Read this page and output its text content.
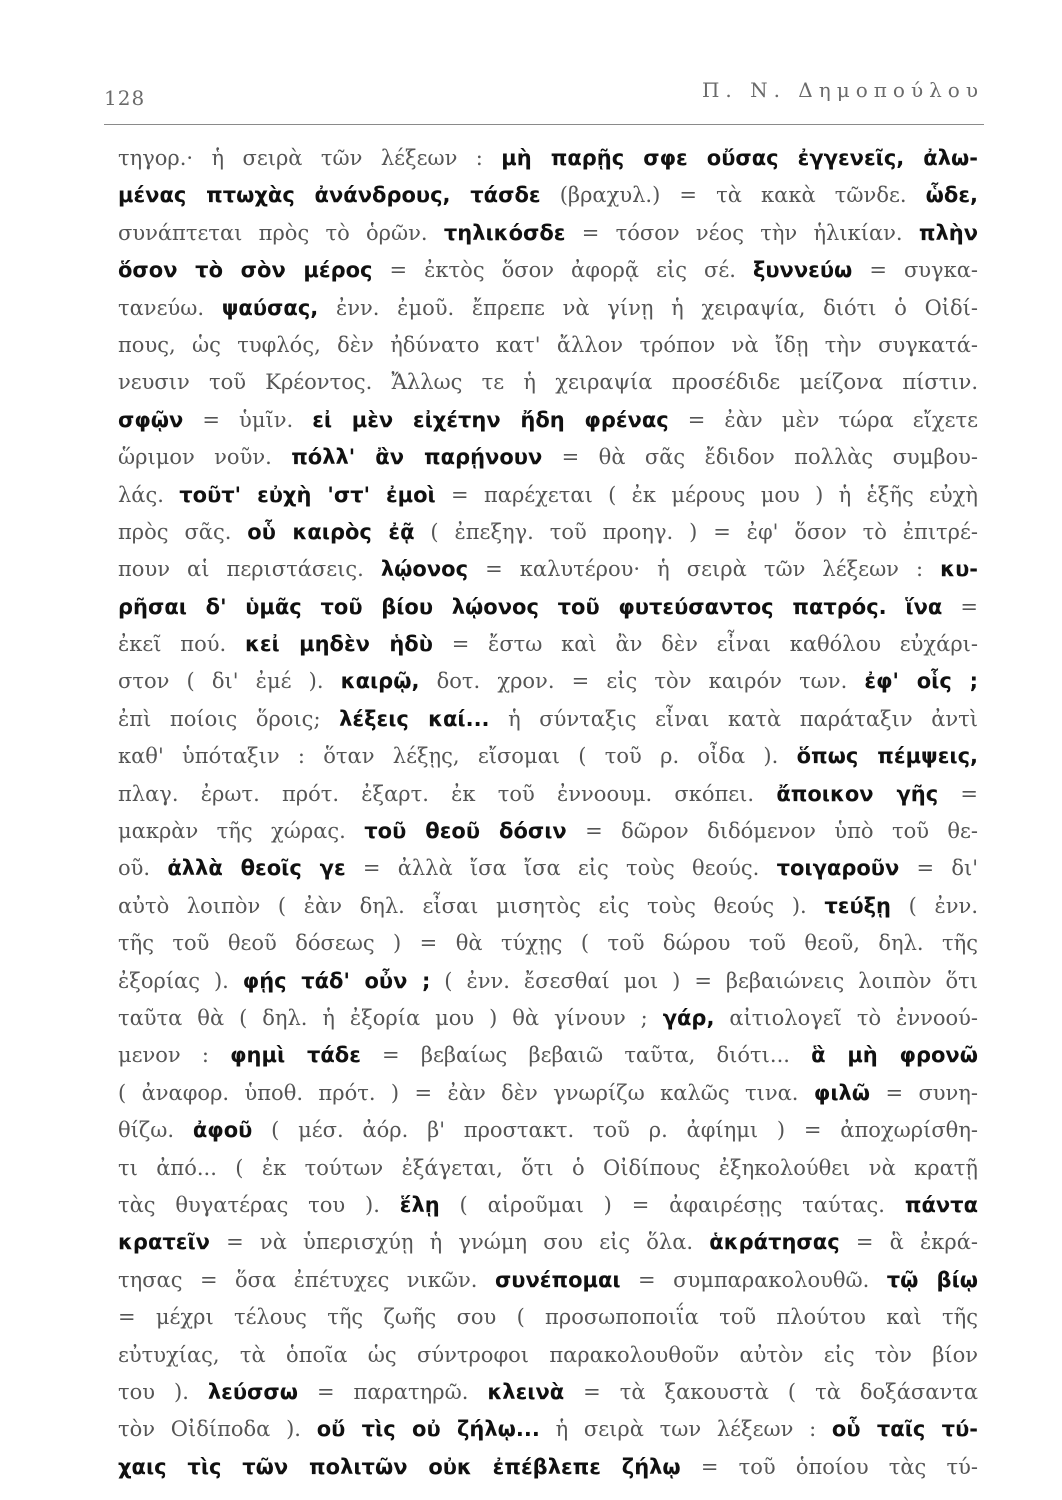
128	Π. Ν. Δημοπούλου
τηγορ.· ἡ σειρὰ τῶν λέξεων : μὴ παρῇς σφε οὔσας ἐγγενεῖς, ἀλω-
μένας πτωχὰς ἀνάνδρους, τάσδε (βραχυλ.) = τὰ κακὰ τῶνδε. ὧδε,
συνάπτεται πρὸς τὸ ὁρῶν. τηλικόσδε = τόσον νέος τὴν ἡλικίαν. πλὴν
ὅσον τὸ σὸν μέρος = ἐκτὸς ὅσον ἀφορᾷ εἰς σέ. ξυννεύω = συγκα-
τανεύω. ψαύσας, ἐνν. ἐμοῦ. ἔπρεπε νὰ γίνῃ ἡ χειραψία, διότι ὁ Οἰδί-
πους, ὡς τυφλός, δὲν ἠδύνατο κατ' ἄλλον τρόπον νὰ ἴδῃ τὴν συγκατά-
νευσιν τοῦ Κρέοντος. Ἄλλως τε ἡ χειραψία προσέδιδε μείζονα πίστιν.
σφῷν = ὑμῖν. εἰ μὲν εἰχέτην ἤδη φρένας = ἐὰν μὲν τώρα εἴχετε
ὥριμον νοῦν. πόλλ' ἂν παρῄνουν = θὰ σᾶς ἔδιδον πολλὰς συμβου-
λάς. τοῦτ' εὐχὴ 'στ' ἐμοὶ = παρέχεται ( ἐκ μέρους μου ) ἡ ἑξῆς εὐχὴ
πρὸς σᾶς. οὗ καιρὸς ἐᾷ ( ἐπεξηγ. τοῦ προηγ. ) = ἐφ' ὅσον τὸ ἐπιτρέ-
πουν αἱ περιστάσεις. λῴονος = καλυτέρου· ἡ σειρὰ τῶν λέξεων : κυ-
ρῆσαι δ' ὑμᾶς τοῦ βίου λῴονος τοῦ φυτεύσαντος πατρός. ἵνα =
ἐκεῖ πού. κεἰ μηδὲν ἡδὺ = ἔστω καὶ ἂν δὲν εἶναι καθόλου εὐχάρι-
στον ( δι' ἐμέ ). καιρῷ, δοτ. χρον. = εἰς τὸν καιρόν των. ἐφ' οἷς ;
ἐπὶ ποίοις ὅροις; λέξεις καί... ἡ σύνταξις εἶναι κατὰ παράταξιν ἀντὶ
καθ' ὑπόταξιν : ὅταν λέξῃς, εἴσομαι ( τοῦ ρ. οἶδα ). ὅπως πέμψεις,
πλαγ. ἐρωτ. πρότ. ἐξαρτ. ἐκ τοῦ ἐννοουμ. σκόπει. ἄποικον γῆς =
μακρὰν τῆς χώρας. τοῦ θεοῦ δόσιν = δῶρον διδόμενον ὑπὸ τοῦ θε-
οῦ. ἀλλὰ θεοῖς γε = ἀλλὰ ἴσα ἴσα εἰς τοὺς θεούς. τοιγαροῦν = δι'
αὐτὸ λοιπὸν ( ἐὰν δηλ. εἶσαι μισητὸς εἰς τοὺς θεούς ). τεύξῃ ( ἐνν.
τῆς τοῦ θεοῦ δόσεως ) = θὰ τύχῃς ( τοῦ δώρου τοῦ θεοῦ, δηλ. τῆς
ἐξορίας ). φῄς τάδ' οὖν ; ( ἐνν. ἔσεσθαί μοι ) = βεβαιώνεις λοιπὸν ὅτι
ταῦτα θὰ ( δηλ. ἡ ἐξορία μου ) θὰ γίνουν ; γάρ, αἰτιολογεῖ τὸ ἐννοού-
μενον : φημὶ τάδε = βεβαίως βεβαιῶ ταῦτα, διότι... ἃ μὴ φρονῶ
( ἀναφορ. ὑποθ. πρότ. ) = ἐὰν δὲν γνωρίζω καλῶς τινα. φιλῶ = συνη-
θίζω. ἀφοῦ ( μέσ. ἀόρ. β' προστακτ. τοῦ ρ. ἀφίημι ) = ἀποχωρίσθη-
τι ἀπό... ( ἐκ τούτων ἐξάγεται, ὅτι ὁ Οἰδίπους ἐξηκολούθει νὰ κρατῇ
τὰς θυγατέρας του ). ἕλῃ ( αἱροῦμαι ) = ἀφαιρέσῃς ταύτας. πάντα
κρατεῖν = νὰ ὑπερισχύῃ ἡ γνώμη σου εἰς ὅλα. ἁκράτησας = ἃ ἐκρά-
τησας = ὅσα ἐπέτυχες νικῶν. συνέπομαι = συμπαρακολουθῶ. τῷ βίῳ
= μέχρι τέλους τῆς ζωῆς σου ( προσωποποιΐα τοῦ πλούτου καὶ τῆς
εὐτυχίας, τὰ ὁποῖα ὡς σύντροφοι παρακολουθοῦν αὐτὸν εἰς τὸν βίον
του ). λεύσσω = παρατηρῶ. κλεινὰ = τὰ ξακουστὰ ( τὰ δοξάσαντα
τὸν Οἰδίποδα ). οὔ τὶς οὐ ζήλῳ... ἡ σειρὰ των λέξεων : οὗ ταῖς τύ-
χαις τὶς τῶν πολιτῶν οὐκ ἐπέβλεπε ζήλῳ = τοῦ ὁποίου τὰς τύ-
